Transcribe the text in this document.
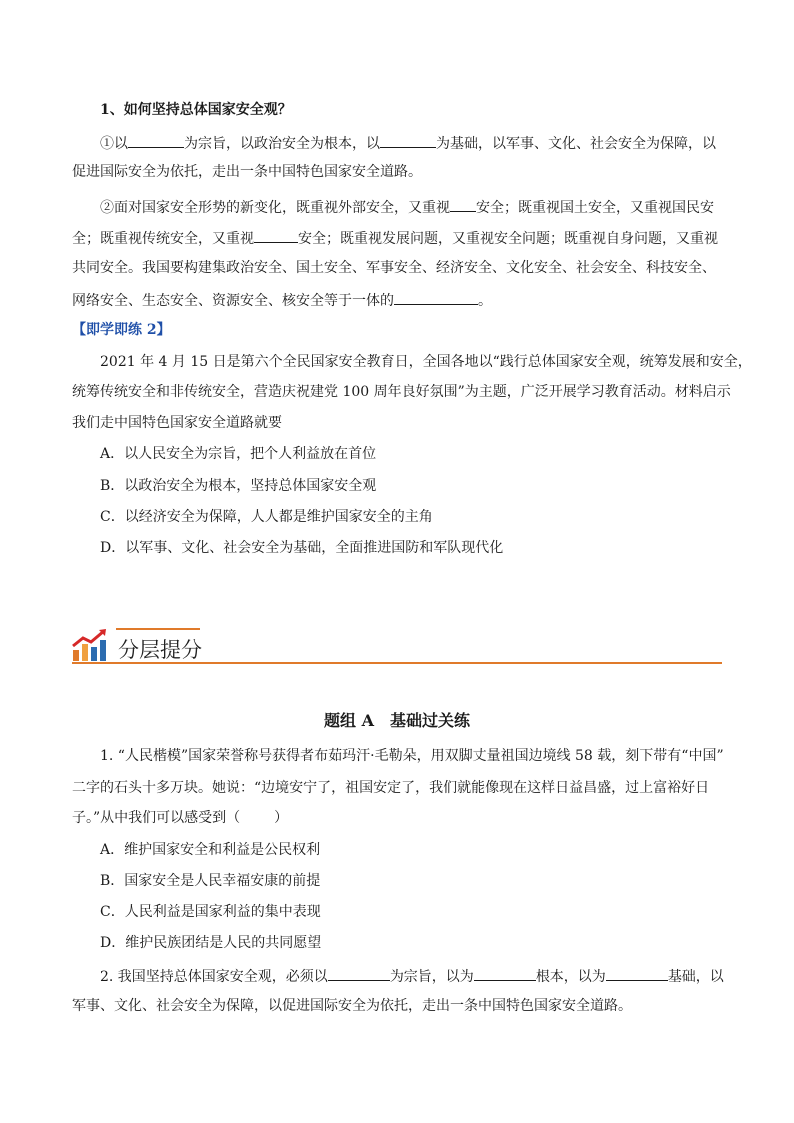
1、如何坚持总体国家安全观？
①以	为宗旨，以政治安全为根本，以	为基础，以军事、文化、社会安全为保障，以
促进国际安全为依托，走出一条中国特色国家安全道路。
②面对国家安全形势的新变化，既重视外部安全，又重视 安全；既重视国土安全，又重视国民安
全；既重视传统安全，又重视	安全；既重视发展问题，又重视安全问题；既重视自身问题，又重视
共同安全。我国要构建集政治安全、国土安全、军事安全、经济安全、文化安全、社会安全、科技安全、
网络安全、生态安全、资源安全、核安全等于一体的	。
【即学即练 2】
2021 年 4 月 15 日是第六个全民国家安全教育日，全国各地以“践行总体国家安全观，统筹发展和安全，
统筹传统安全和非传统安全，营造庆祝建党 100 周年良好氛围”为主题，广泛开展学习教育活动。材料启示
我们走中国特色国家安全道路就要
A．以人民安全为宗旨，把个人利益放在首位
B．以政治安全为根本，坚持总体国家安全观
C．以经济安全为保障，人人都是维护国家安全的主角
D．以军事、文化、社会安全为基础，全面推进国防和军队现代化
分层提分
题组 A　基础过关练
1. “人民楷模”国家荣誉称号获得者布茹玛汗·毛勒朵，用双脚丈量祖国边境线 58 载，刻下带有“中国”
二字的石头十多万块。她说：“边境安宁了，祖国安定了，我们就能像现在这样日益昌盛，过上富裕好日
子。”从中我们可以感受到（ ）
A．维护国家安全和利益是公民权利
B．国家安全是人民幸福安康的前提
C．人民利益是国家利益的集中表现
D．维护民族团结是人民的共同愿望
2. 我国坚持总体国家安全观，必须以	为宗旨，以为	根本，以为	基础，以
军事、文化、社会安全为保障，以促进国际安全为依托，走出一条中国特色国家安全道路。
